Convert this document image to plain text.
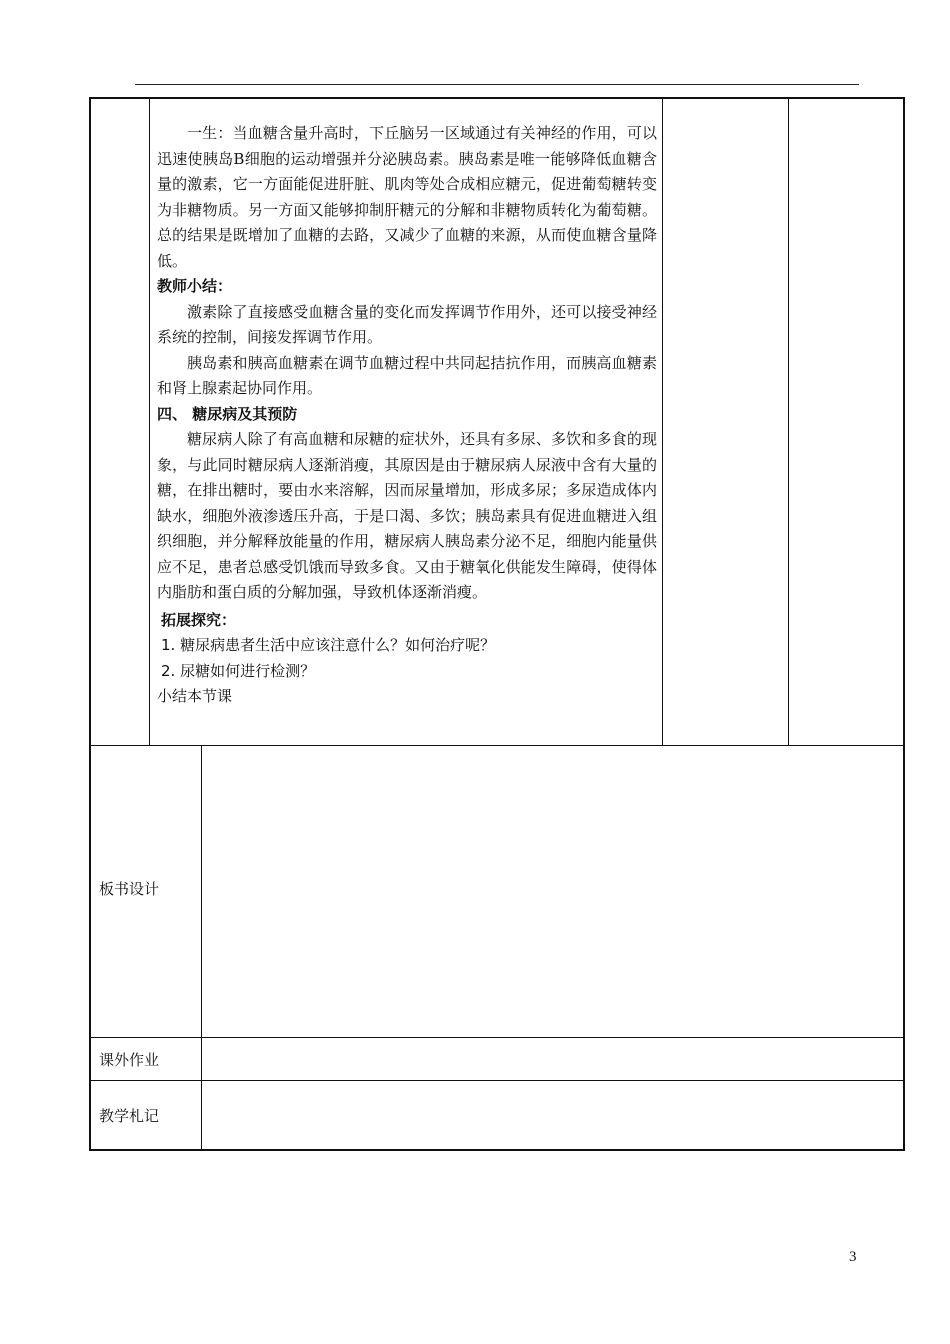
一生：当血糖含量升高时，下丘脑另一区域通过有关神经的作用，可以迅速使胰岛B细胞的运动增强并分泌胰岛素。胰岛素是唯一能够降低血糖含量的激素，它一方面能促进肝脏、肌肉等处合成相应糖元，促进葡萄糖转变为非糖物质。另一方面又能够抑制肝糖元的分解和非糖物质转化为葡萄糖。总的结果是既增加了血糖的去路，又减少了血糖的来源，从而使血糖含量降低。

教师小结：

激素除了直接感受血糖含量的变化而发挥调节作用外，还可以接受神经系统的控制，间接发挥调节作用。

胰岛素和胰高血糖素在调节血糖过程中共同起拮抗作用，而胰高血糖素和肾上腺素起协同作用。

四、 糖尿病及其预防

糖尿病人除了有高血糖和尿糖的症状外，还具有多尿、多饮和多食的现象，与此同时糖尿病人逐渐消瘦，其原因是由于糖尿病人尿液中含有大量的糖，在排出糖时，要由水来溶解，因而尿量增加，形成多尿；多尿造成体内缺水，细胞外液渗透压升高，于是口渴、多饮；胰岛素具有促进血糖进入组织细胞，并分解释放能量的作用，糖尿病人胰岛素分泌不足，细胞内能量供应不足，患者总感受饥饿而导致多食。又由于糖氧化供能发生障碍，使得体内脂肪和蛋白质的分解加强，导致机体逐渐消瘦。

拓展探究：

1. 糖尿病患者生活中应该注意什么？如何治疗呢？

2. 尿糖如何进行检测？

小结本节课

板书设计
课外作业
教学札记
3
